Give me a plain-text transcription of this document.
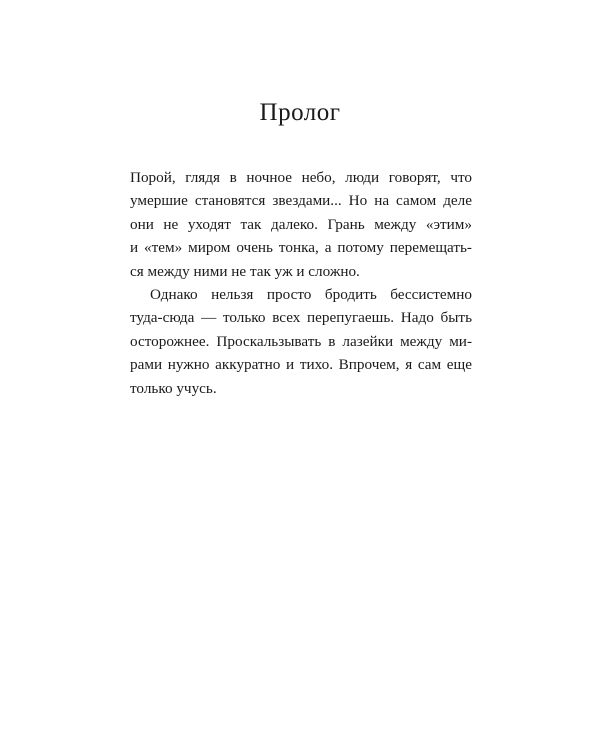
Пролог
Порой, глядя в ночное небо, люди говорят, что
умершие становятся звездами... Но на самом деле
они не уходят так далеко. Грань между «этим»
и «тем» миром очень тонка, а потому перемещать-
ся между ними не так уж и сложно.
Однако нельзя просто бродить бессистемно
туда-сюда — только всех перепугаешь. Надо быть
осторожнее. Проскальзывать в лазейки между ми-
рами нужно аккуратно и тихо. Впрочем, я сам еще
только учусь.
